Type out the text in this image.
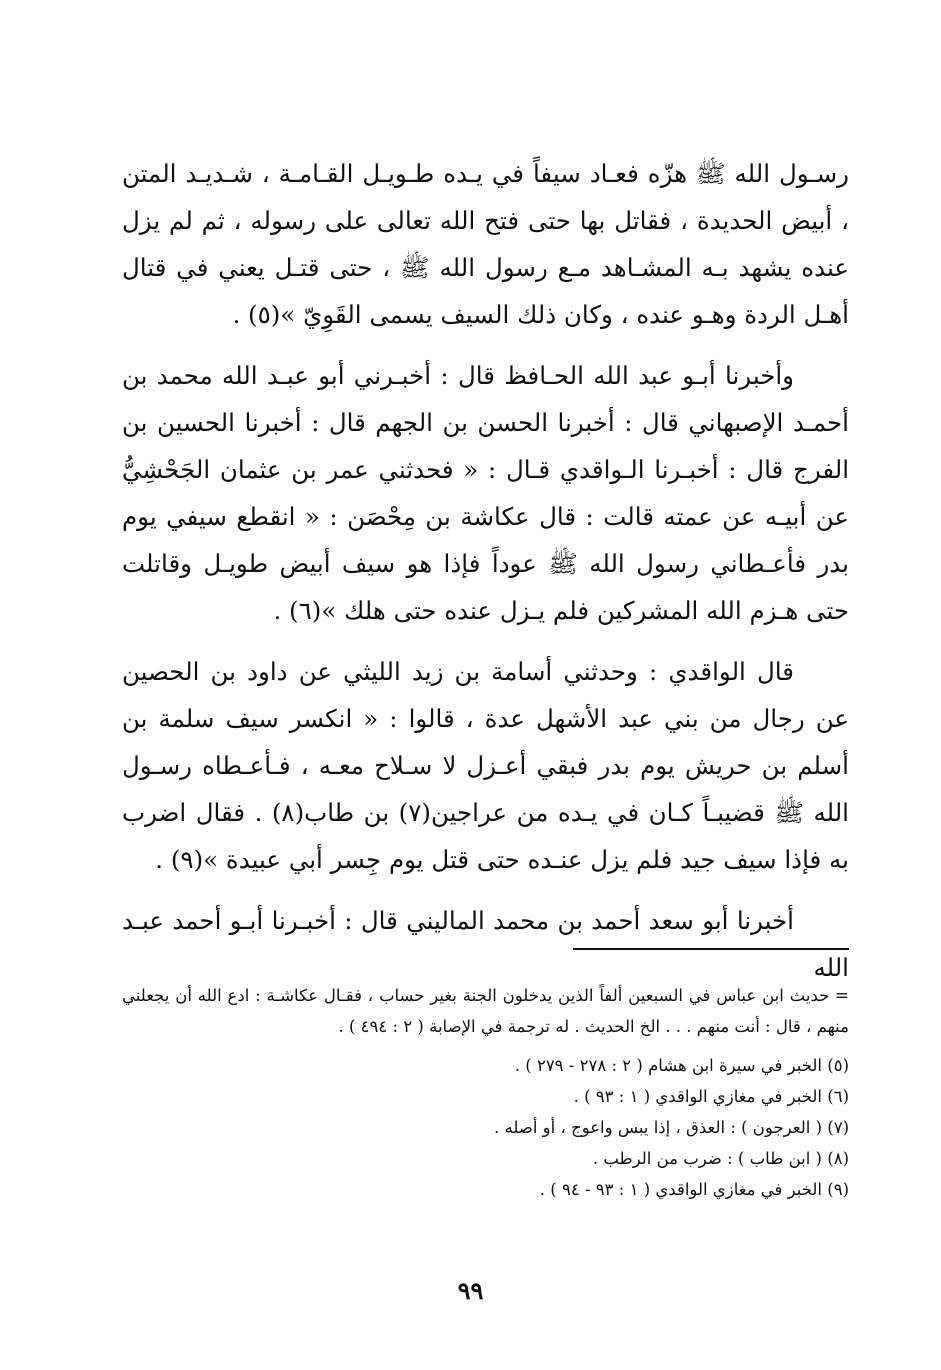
رسـول الله ﷺ هزّه فعـاد سيفاً في يـده طـويـل القـامـة ، شـديـد المتن ، أبيض الحديدة ، فقاتل بها حتى فتح الله تعالى على رسوله ، ثم لم يزل عنده يشهد بـه المشـاهد مـع رسول الله ﷺ ، حتى قتـل يعني في قتال أهـل الردة وهـو عنده ، وكان ذلك السيف يسمى القَوِيّ »(٥) .

وأخبرنا أبـو عبد الله الحـافظ قال : أخبـرني أبو عبـد الله محمد بن أحمـد الإصبهاني قال : أخبرنا الحسن بن الجهم قال : أخبرنا الحسين بن الفرج قال : أخبـرنا الـواقدي قـال : « فحدثني عمر بن عثمان الجَحْشِيُّ عن أبيـه عن عمته قالت : قال عكاشة بن مِحْصَن : « انقطع سيفي يوم بدر فأعـطاني رسول الله ﷺ عوداً فإذا هو سيف أبيض طويـل وقاتلت حتى هـزم الله المشركين فلم يـزل عنده حتى هلك »(٦) .

قال الواقدي : وحدثني أسامة بن زيد الليثي عن داود بن الحصين عن رجال من بني عبد الأشهل عدة ، قالوا : « انكسر سيف سلمة بن أسلم بن حريش يوم بدر فبقي أعـزل لا سـلاح معـه ، فـأعـطاه رسـول الله ﷺ قضيبـاً كـان في يـده من عراجين(٧) بن طاب(٨) . فقال اضرب به فإذا سيف جيد فلم يزل عنـده حتى قتل يوم جِسر أبي عبيدة »(٩) .

أخبرنا أبو سعد أحمد بن محمد الماليني قال : أخبـرنا أبـو أحمد عبـد الله

= حديث ابن عباس في السبعين ألفاً الذين يدخلون الجنة بغير حساب ، فقـال عكاشـة : ادع الله أن يجعلني منهم ، قال : أنت منهم . . . الخ الحديث . له ترجمة في الإصابة ( ٢ : ٤٩٤ ) .

(٥) الخبر في سيرة ابن هشام ( ٢ : ٢٧٨ - ٢٧٩ ) .

(٦) الخبر في مغازي الواقدي ( ١ : ٩٣ ) .

(٧) ( العرجون ) : العذق ، إذا يبس واعوج ، أو أصله .

(٨) ( ابن طاب ) : ضرب من الرطب .

(٩) الخبر في مغازي الواقدي ( ١ : ٩٣ - ٩٤ ) .

٩٩
